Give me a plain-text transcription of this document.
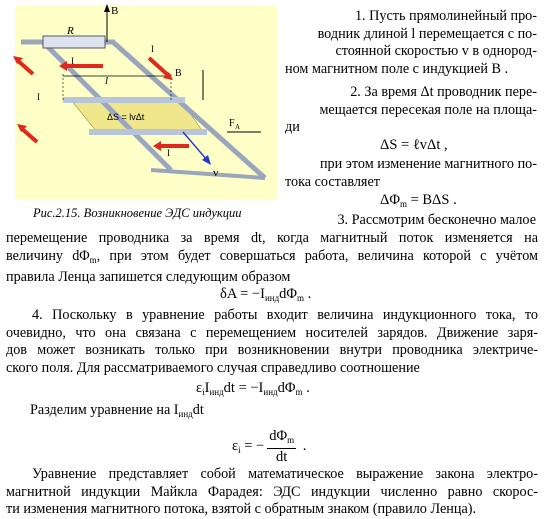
B
R
l
ΔS = lvΔt
B
v
F A
I
I
I
I
Рис.2.15. Возникновение ЭДС индукции
1. Пусть прямолинейный про-
водник длиной l перемещается с по-
стоянной скоростью v в однород-
ном магнитном поле с индукцией B .
2. За время Δt проводник пере-
мещается пересекая поле на площа-
ди
ΔS = ℓvΔt ,
при этом изменение магнитного по-
тока составляет
$\Delta\Phi_m = B\Delta S$ .
3. Рассмотрим бесконечно малое
перемещение проводника за время dt, когда магнитный поток изменяется на
величину $d\Phi_m$, при этом будет совершаться работа, величина которой с учётом
правила Ленца запишется следующим образом
$\delta A = -I_{инд}d\Phi_m$ .
4. Поскольку в уравнение работы входит величина индукционного тока, то
очевидно, что она связана с перемещением носителей зарядов. Движение заря-
дов может возникать только при возникновении внутри проводника электриче-
ского поля. Для рассматриваемого случая справедливо соотношение
$\varepsilon_iI_{инд}dt = -I_{инд}d\Phi_m$ .
Разделим уравнение на $I_{инд}dt$
$\varepsilon_i$ = − $\frac{d\Phi_m}{dt}$ .
Уравнение представляет собой математическое выражение закона электро-
магнитной индукции Майкла Фарадея: ЭДС индукции численно равно скорос-
ти изменения магнитного потока, взятой с обратным знаком (правило Ленца).
